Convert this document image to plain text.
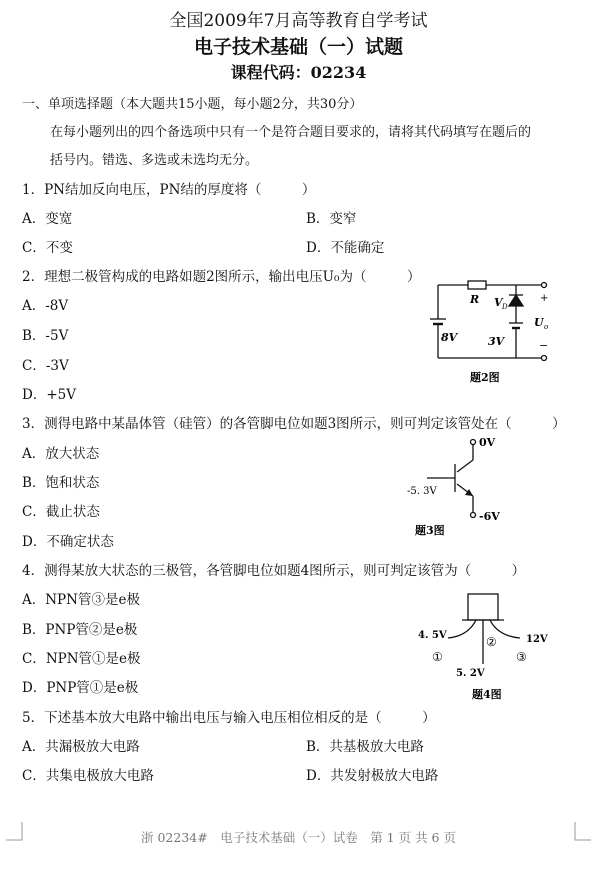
全国2009年7月高等教育自学考试
电子技术基础（一）试题
课程代码：02234
一、单项选择题（本大题共15小题，每小题2分，共30分）
在每小题列出的四个备选项中只有一个是符合题目要求的，请将其代码填写在题后的
括号内。错选、多选或未选均无分。
1．PN结加反向电压，PN结的厚度将（　　　）
A．变宽	B．变窄
C．不变	D．不能确定
2．理想二极管构成的电路如题2图所示，输出电压U₀为（　　　）
A．-8V
B．-5V
C．-3V
D．+5V
R V D
+
−
U o
8V	3V
题2图
3．测得电路中某晶体管（硅管）的各管脚电位如题3图所示，则可判定该管处在（　　　）
A．放大状态
B．饱和状态
C．截止状态
D．不确定状态
0V
-5. 3V
-6V
题3图
4．测得某放大状态的三极管，各管脚电位如题4图所示，则可判定该管为（　　　）
A．NPN管③是e极
B．PNP管②是e极
C．NPN管①是e极
D．PNP管①是e极
4. 5V
①
5. 2V
②	12V
③
题4图
5．下述基本放大电路中输出电压与输入电压相位相反的是（　　　）
A．共漏极放大电路	B．共基极放大电路
C．共集电极放大电路	D．共发射极放大电路
浙 02234#　电子技术基础（一）试卷　第 1 页 共 6 页
